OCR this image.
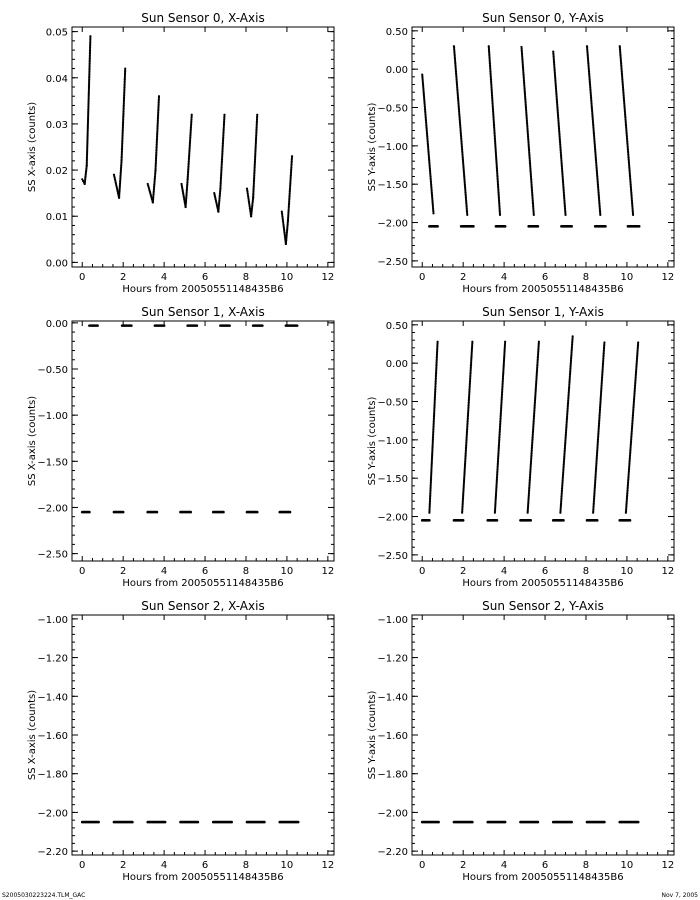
Sun Sensor 0, X-Axis
Hours from 20050551148435B6
SS X-axis (counts)
0	2	4	6	8	10	12
0.00
0.01
0.02
0.03
0.04
0.05
Sun Sensor 0, Y-Axis
Hours from 20050551148435B6
SS Y-axis (counts)
0	2	4	6	8	10	12
−2.50
−2.00
−1.50
−1.00
−0.50
0.00
0.50
Sun Sensor 1, X-Axis
Hours from 20050551148435B6
SS X-axis (counts)
0	2	4	6	8	10	12
−2.50
−2.00
−1.50
−1.00
−0.50
0.00
Sun Sensor 1, Y-Axis
Hours from 20050551148435B6
SS Y-axis (counts)
0	2	4	6	8	10	12
−2.50
−2.00
−1.50
−1.00
−0.50
0.00
0.50
Sun Sensor 2, X-Axis
Hours from 20050551148435B6
SS X-axis (counts)
0	2	4	6	8	10	12
−2.20
−2.00
−1.80
−1.60
−1.40
−1.20
−1.00
Sun Sensor 2, Y-Axis
Hours from 20050551148435B6
SS Y-axis (counts)
0	2	4	6	8	10	12
−2.20
−2.00
−1.80
−1.60
−1.40
−1.20
−1.00
S2005030223224.TLM_GAC	Nov 7, 2005
